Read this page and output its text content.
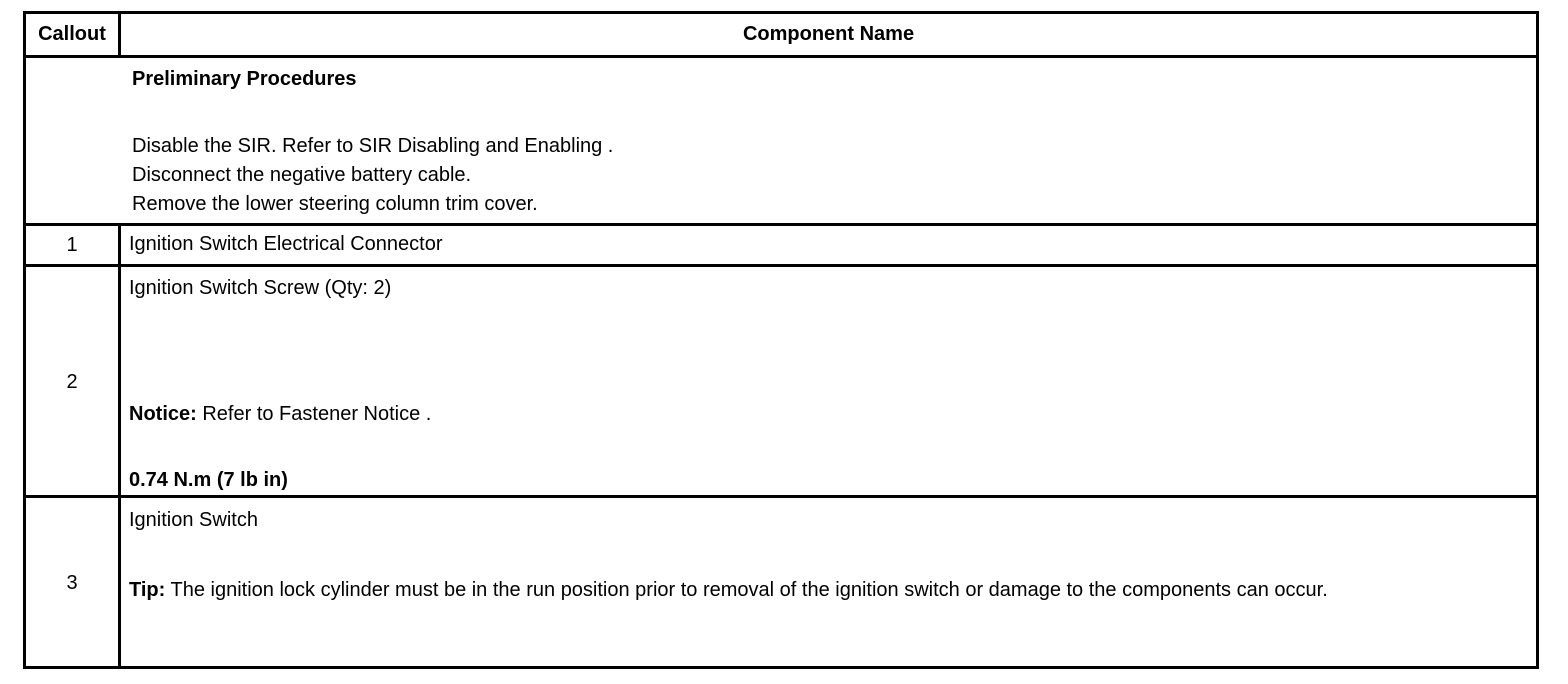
Callout	Component Name
Preliminary Procedures
Disable the SIR. Refer to SIR Disabling and Enabling .
Disconnect the negative battery cable.
Remove the lower steering column trim cover.
1	Ignition Switch Electrical Connector
2
Ignition Switch Screw (Qty: 2)
Notice: Refer to Fastener Notice .
0.74 N.m (7 lb in)
3
Ignition Switch
Tip: The ignition lock cylinder must be in the run position prior to removal of the ignition switch or damage to the components can occur.
